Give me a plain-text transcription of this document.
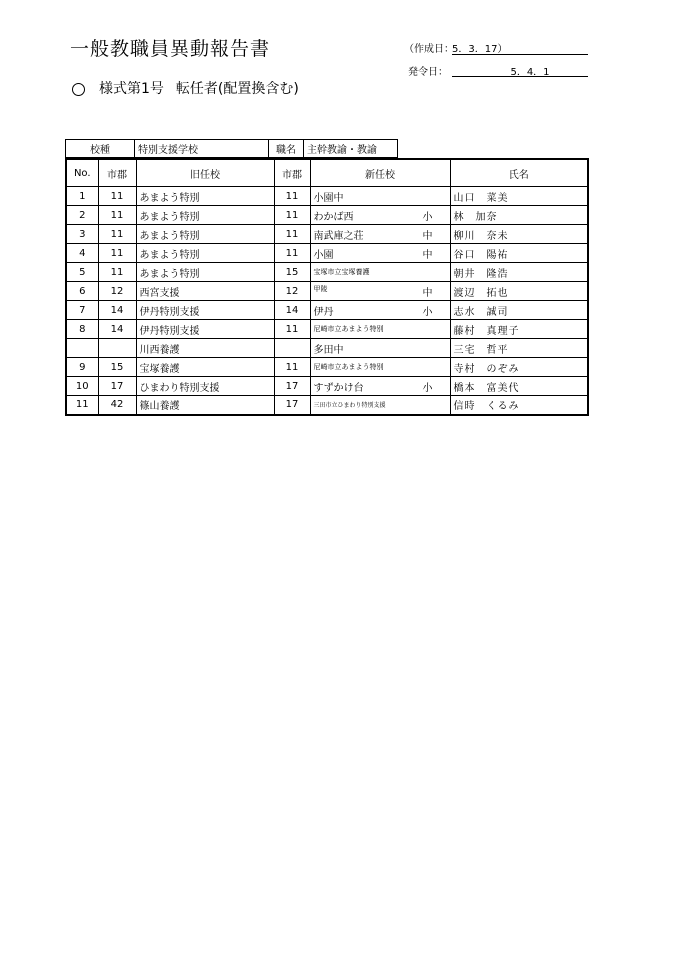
一般教職員異動報告書	（作成日：
5．3．17）
発令日：	5．4．1
様式第1号 転任者(配置換含む)
校種	特別支援学校	職名	主幹教諭・教諭
No.	市郡	旧任校	市郡	新任校	氏名
1	11	あまよう特別	11	小園中	山口　菜美
2	11	あまよう特別	11	わかば西 小	林　加奈
3	11	あまよう特別	11	南武庫之荘 中	柳川　奈未
4	11	あまよう特別	11	小園 中	谷口　陽祐
5	11	あまよう特別	15	宝塚市立宝塚養護	朝井　隆浩
6	12	西宮支援	12	甲陵 中	渡辺　拓也
7	14	伊丹特別支援	14	伊丹 小	志水　誠司
8	14	伊丹特別支援	11	尼崎市立あまよう特別	藤村　真理子
		川西養護		多田中	三宅　哲平
9	15	宝塚養護	11	尼崎市立あまよう特別	寺村　のぞみ
10	17	ひまわり特別支援	17	すずかけ台 小	橋本　富美代
11	42	篠山養護	17	三田市立ひまわり特別支援	信時　くるみ
